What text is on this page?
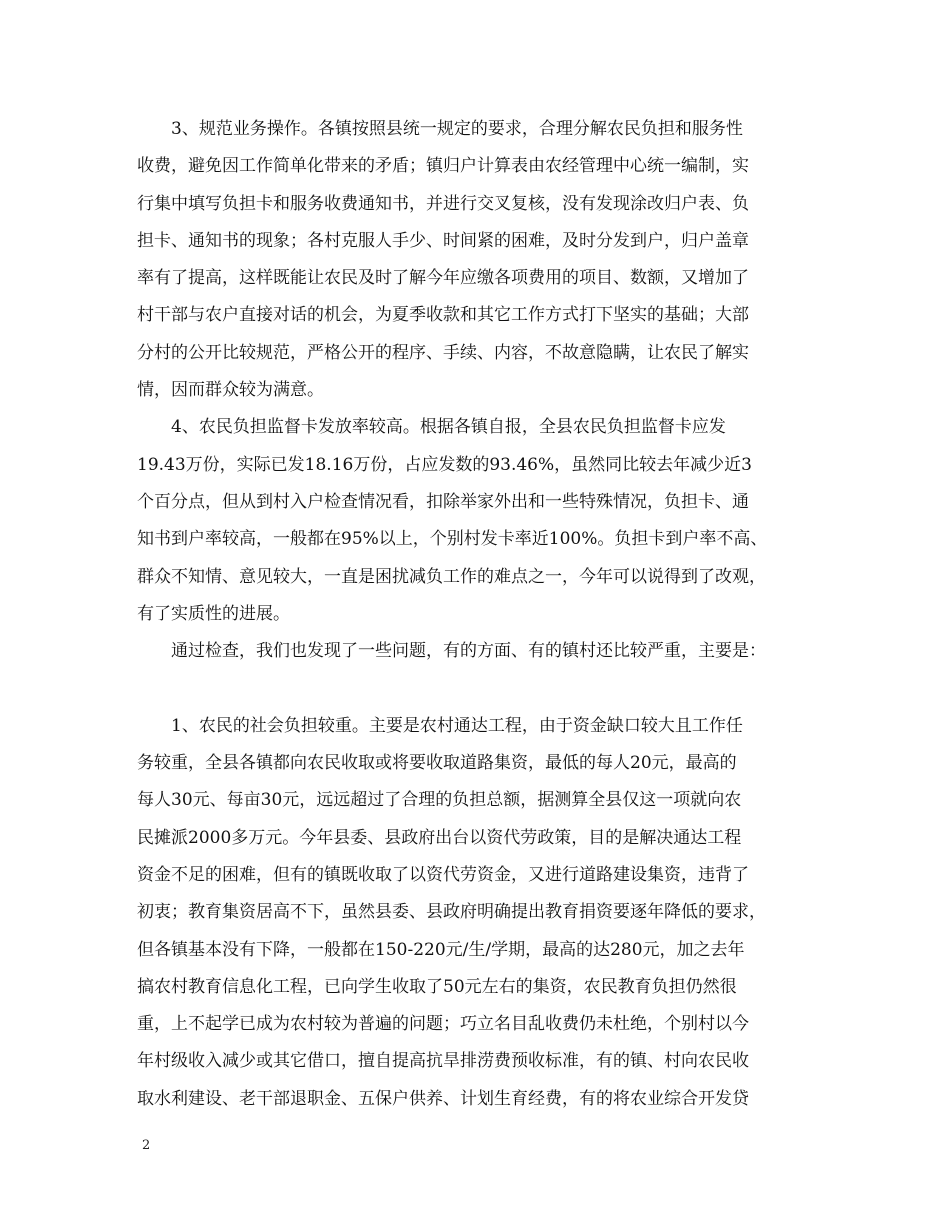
　　3、规范业务操作。各镇按照县统一规定的要求，合理分解农民负担和服务性
收费，避免因工作简单化带来的矛盾；镇归户计算表由农经管理中心统一编制，实
行集中填写负担卡和服务收费通知书，并进行交叉复核，没有发现涂改归户表、负
担卡、通知书的现象；各村克服人手少、时间紧的困难，及时分发到户，归户盖章
率有了提高，这样既能让农民及时了解今年应缴各项费用的项目、数额，又增加了
村干部与农户直接对话的机会，为夏季收款和其它工作方式打下坚实的基础；大部
分村的公开比较规范，严格公开的程序、手续、内容，不故意隐瞒，让农民了解实
情，因而群众较为满意。
　　4、农民负担监督卡发放率较高。根据各镇自报，全县农民负担监督卡应发
19.43万份，实际已发18.16万份，占应发数的93.46%，虽然同比较去年减少近3
个百分点，但从到村入户检查情况看，扣除举家外出和一些特殊情况，负担卡、通
知书到户率较高，一般都在95%以上，个别村发卡率近100%。负担卡到户率不高、
群众不知情、意见较大，一直是困扰减负工作的难点之一，今年可以说得到了改观，
有了实质性的进展。
　　通过检查，我们也发现了一些问题，有的方面、有的镇村还比较严重，主要是：
　　1、农民的社会负担较重。主要是农村通达工程，由于资金缺口较大且工作任
务较重，全县各镇都向农民收取或将要收取道路集资，最低的每人20元，最高的
每人30元、每亩30元，远远超过了合理的负担总额，据测算全县仅这一项就向农
民摊派2000多万元。今年县委、县政府出台以资代劳政策，目的是解决通达工程
资金不足的困难，但有的镇既收取了以资代劳资金，又进行道路建设集资，违背了
初衷；教育集资居高不下，虽然县委、县政府明确提出教育捐资要逐年降低的要求，
但各镇基本没有下降，一般都在150-220元/生/学期，最高的达280元，加之去年
搞农村教育信息化工程，已向学生收取了50元左右的集资，农民教育负担仍然很
重，上不起学已成为农村较为普遍的问题；巧立名目乱收费仍未杜绝，个别村以今
年村级收入减少或其它借口，擅自提高抗旱排涝费预收标准，有的镇、村向农民收
取水利建设、老干部退职金、五保户供养、计划生育经费，有的将农业综合开发贷
2
